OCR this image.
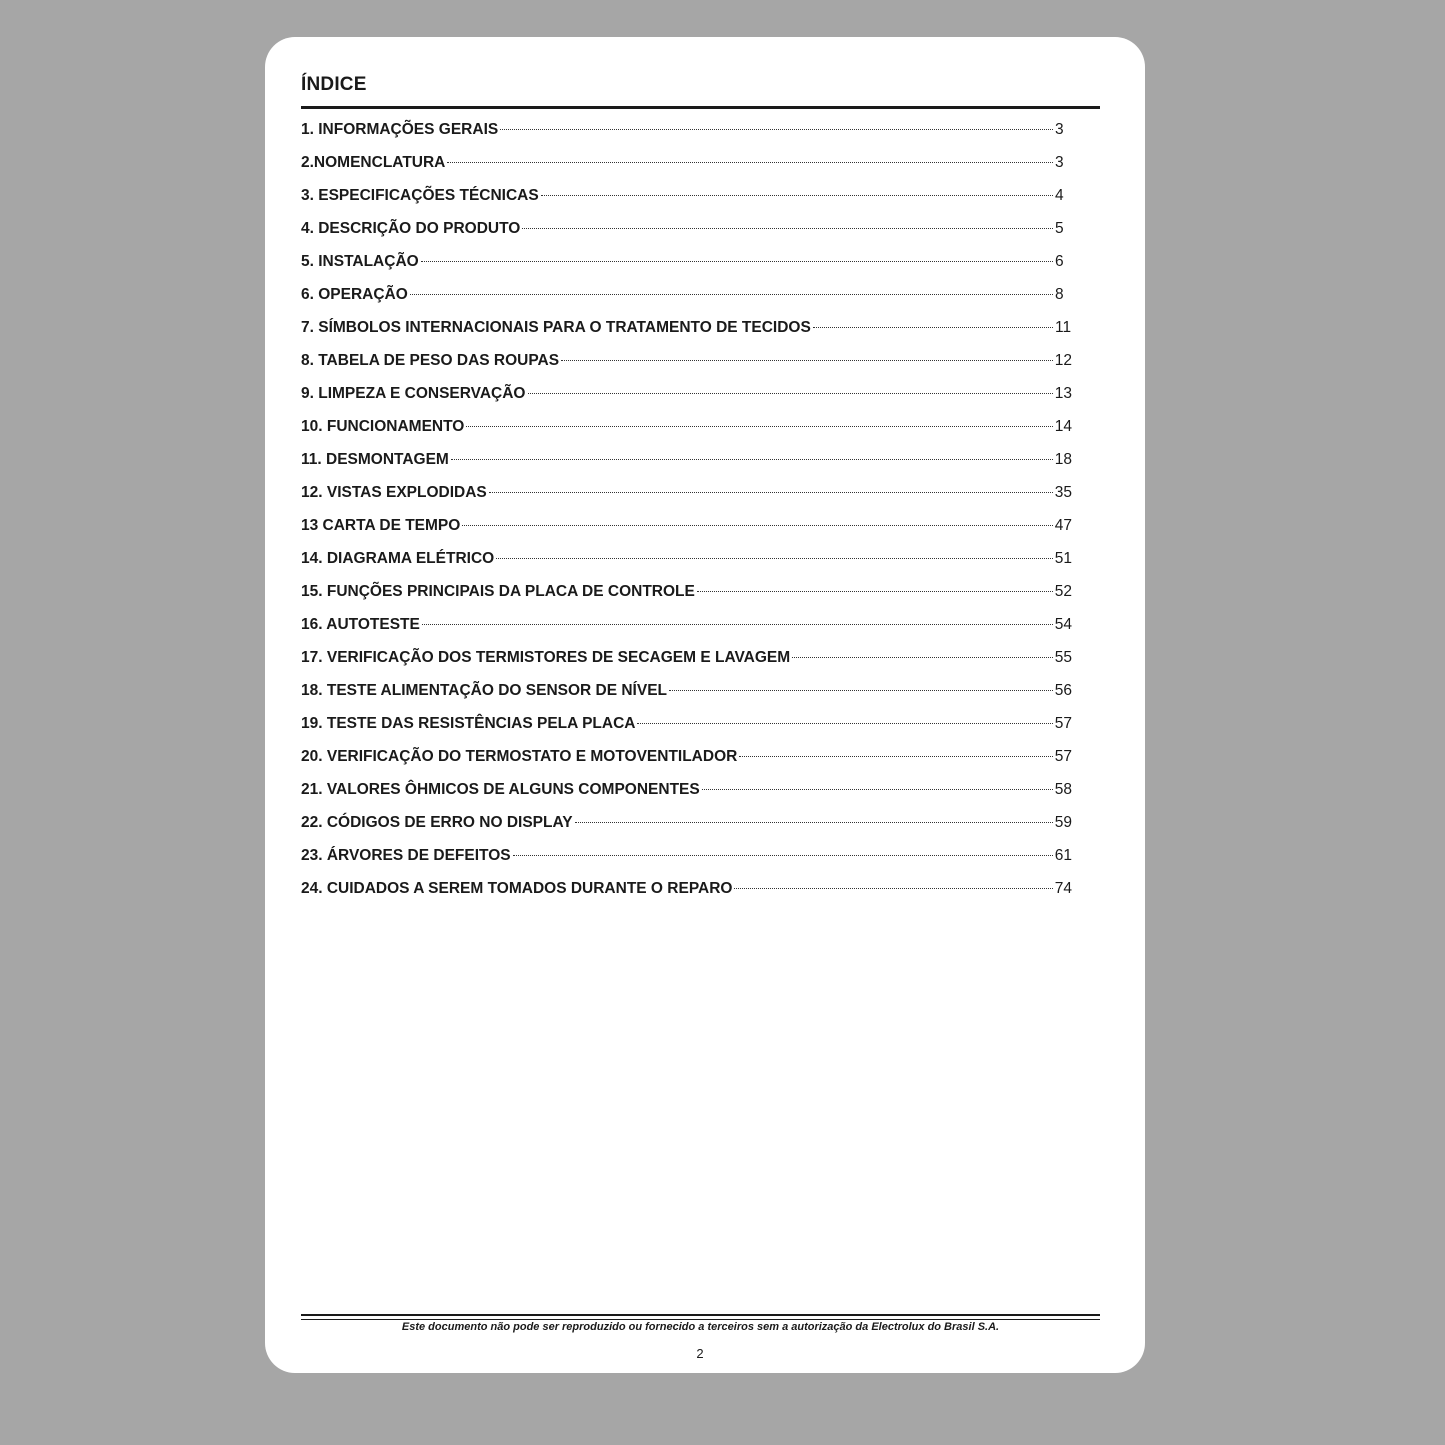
ÍNDICE
1. INFORMAÇÕES GERAIS	3
2.NOMENCLATURA	3
3. ESPECIFICAÇÕES TÉCNICAS	4
4. DESCRIÇÃO DO PRODUTO	5
5. INSTALAÇÃO	6
6. OPERAÇÃO	8
7. SÍMBOLOS INTERNACIONAIS PARA O TRATAMENTO DE TECIDOS	11
8. TABELA DE PESO DAS ROUPAS	12
9. LIMPEZA E CONSERVAÇÃO	13
10. FUNCIONAMENTO	14
11. DESMONTAGEM	18
12. VISTAS EXPLODIDAS	35
13 CARTA DE TEMPO	47
14. DIAGRAMA ELÉTRICO	51
15. FUNÇÕES PRINCIPAIS DA PLACA DE CONTROLE	52
16. AUTOTESTE	54
17. VERIFICAÇÃO DOS TERMISTORES DE SECAGEM E LAVAGEM	55
18. TESTE ALIMENTAÇÃO DO SENSOR DE NÍVEL	56
19. TESTE DAS RESISTÊNCIAS PELA PLACA	57
20. VERIFICAÇÃO DO TERMOSTATO E MOTOVENTILADOR	57
21. VALORES ÔHMICOS DE ALGUNS COMPONENTES	58
22. CÓDIGOS DE ERRO NO DISPLAY	59
23. ÁRVORES DE DEFEITOS	61
24. CUIDADOS A SEREM TOMADOS DURANTE O REPARO	74
Este documento não pode ser reproduzido ou fornecido a terceiros sem a autorização da Electrolux do Brasil S.A.
2
